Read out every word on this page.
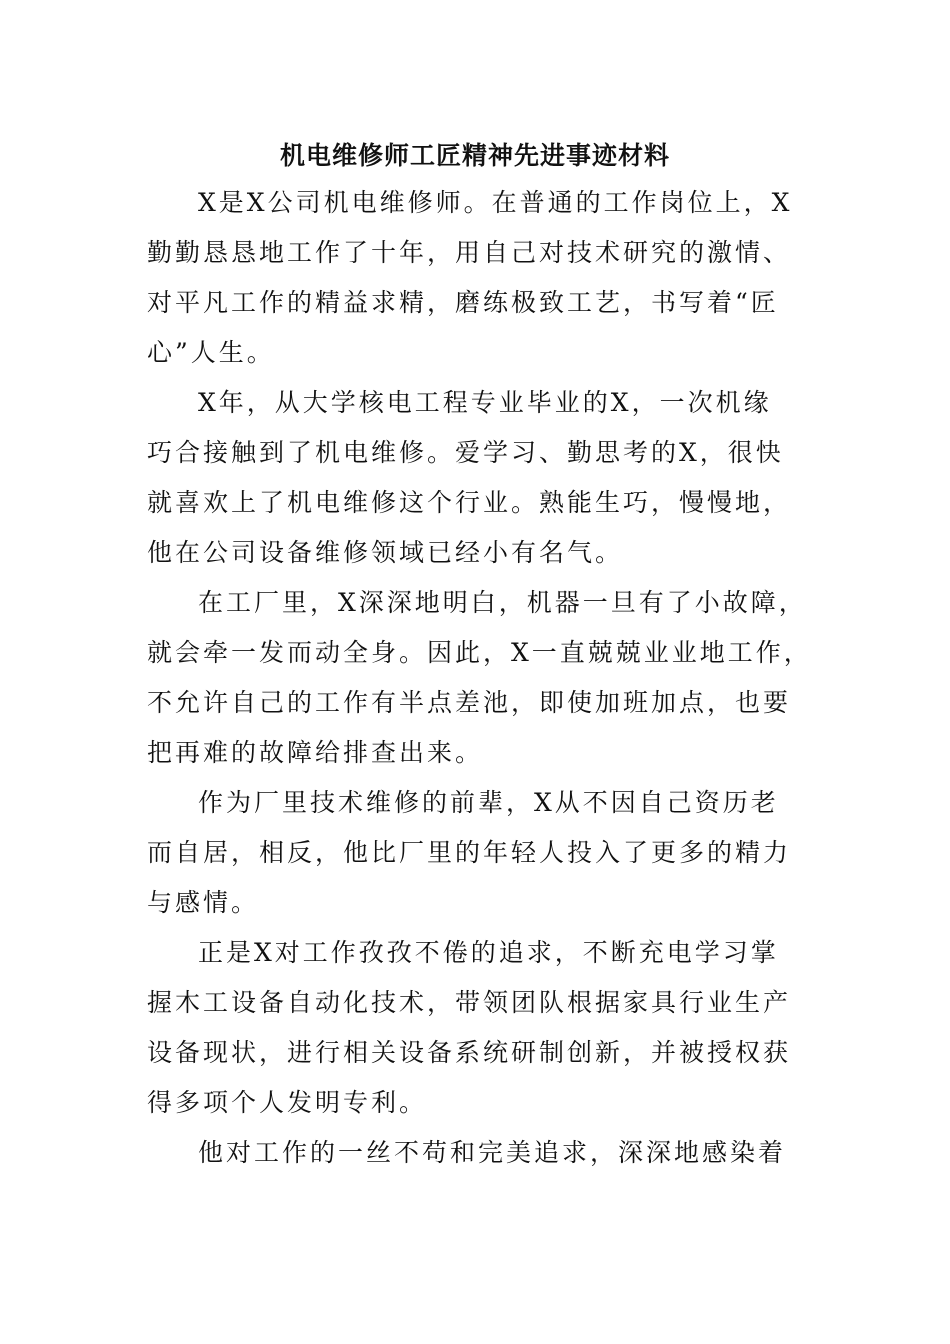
机电维修师工匠精神先进事迹材料
X是X公司机电维修师。在普通的工作岗位上，X
勤勤恳恳地工作了十年，用自己对技术研究的激情、
对平凡工作的精益求精，磨练极致工艺，书写着“匠
心”人生。
X年，从大学核电工程专业毕业的X，一次机缘
巧合接触到了机电维修。爱学习、勤思考的X，很快
就喜欢上了机电维修这个行业。熟能生巧，慢慢地，
他在公司设备维修领域已经小有名气。
在工厂里，X深深地明白，机器一旦有了小故障，
就会牵一发而动全身。因此，X一直兢兢业业地工作，
不允许自己的工作有半点差池，即使加班加点，也要
把再难的故障给排查出来。
作为厂里技术维修的前辈，X从不因自己资历老
而自居，相反，他比厂里的年轻人投入了更多的精力
与感情。
正是X对工作孜孜不倦的追求，不断充电学习掌
握木工设备自动化技术，带领团队根据家具行业生产
设备现状，进行相关设备系统研制创新，并被授权获
得多项个人发明专利。
他对工作的一丝不苟和完美追求，深深地感染着
